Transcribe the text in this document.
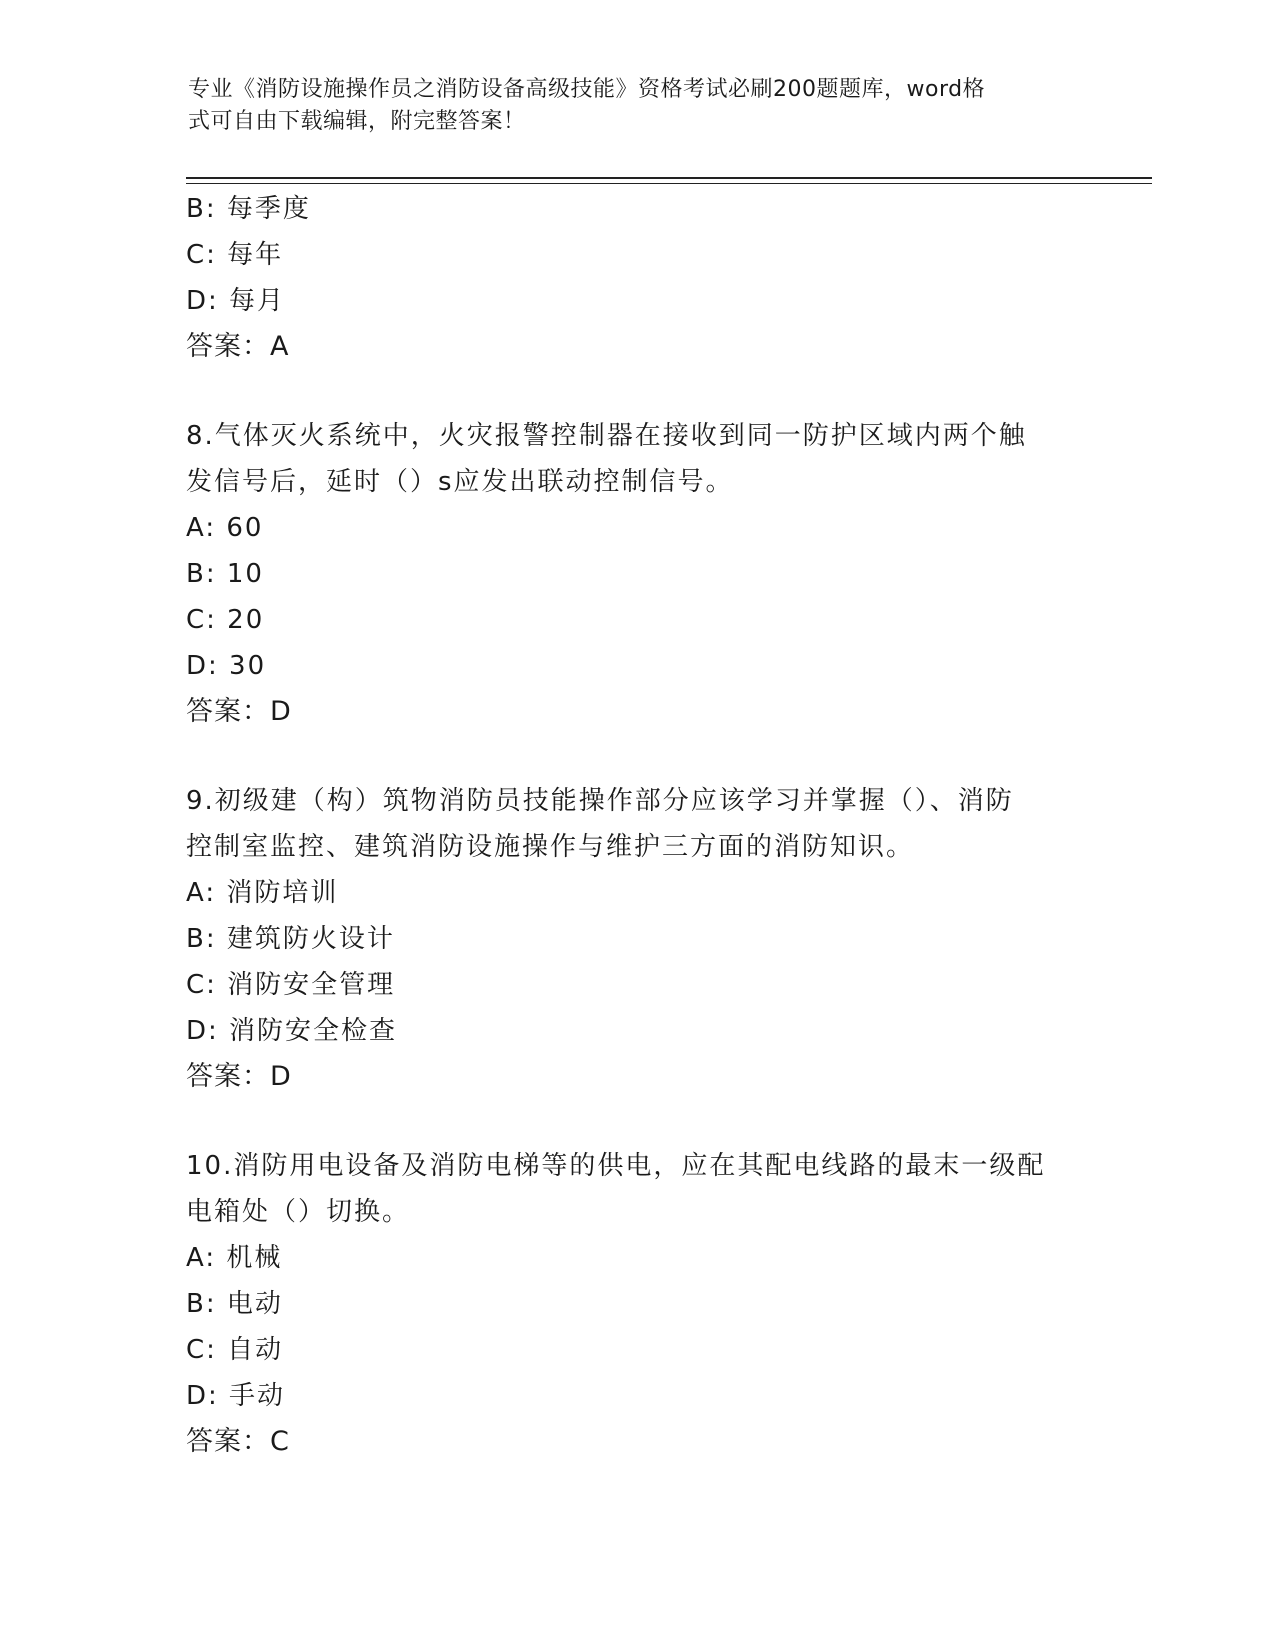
专业《消防设施操作员之消防设备高级技能》资格考试必刷200题题库，word格
式可自由下载编辑，附完整答案！
B: 每季度
C: 每年
D: 每月
答案：A
8.气体灭火系统中，火灾报警控制器在接收到同一防护区域内两个触
发信号后，延时（）s应发出联动控制信号。
A: 60
B: 10
C: 20
D: 30
答案：D
9.初级建（构）筑物消防员技能操作部分应该学习并掌握（）、消防
控制室监控、建筑消防设施操作与维护三方面的消防知识。
A: 消防培训
B: 建筑防火设计
C: 消防安全管理
D: 消防安全检查
答案：D
10.消防用电设备及消防电梯等的供电，应在其配电线路的最末一级配
电箱处（）切换。
A: 机械
B: 电动
C: 自动
D: 手动
答案：C
